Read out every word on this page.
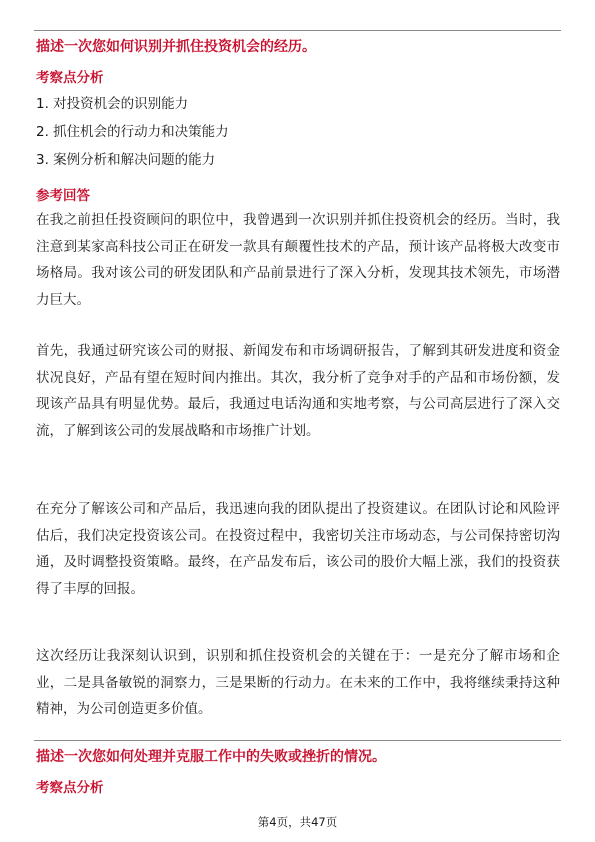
描述一次您如何识别并抓住投资机会的经历。
考察点分析
1. 对投资机会的识别能力
2. 抓住机会的行动力和决策能力
3. 案例分析和解决问题的能力
参考回答

在我之前担任投资顾问的职位中，我曾遇到一次识别并抓住投资机会的经历。当时，我注意到某家高科技公司正在研发一款具有颠覆性技术的产品，预计该产品将极大改变市场格局。我对该公司的研发团队和产品前景进行了深入分析，发现其技术领先，市场潜力巨大。

首先，我通过研究该公司的财报、新闻发布和市场调研报告，了解到其研发进度和资金状况良好，产品有望在短时间内推出。其次，我分析了竞争对手的产品和市场份额，发现该产品具有明显优势。最后，我通过电话沟通和实地考察，与公司高层进行了深入交流，了解到该公司的发展战略和市场推广计划。

在充分了解该公司和产品后，我迅速向我的团队提出了投资建议。在团队讨论和风险评估后，我们决定投资该公司。在投资过程中，我密切关注市场动态，与公司保持密切沟通，及时调整投资策略。最终，在产品发布后，该公司的股价大幅上涨，我们的投资获得了丰厚的回报。

这次经历让我深刻认识到，识别和抓住投资机会的关键在于：一是充分了解市场和企业，二是具备敏锐的洞察力，三是果断的行动力。在未来的工作中，我将继续秉持这种精神，为公司创造更多价值。

描述一次您如何处理并克服工作中的失败或挫折的情况。
考察点分析
第4页，共47页
